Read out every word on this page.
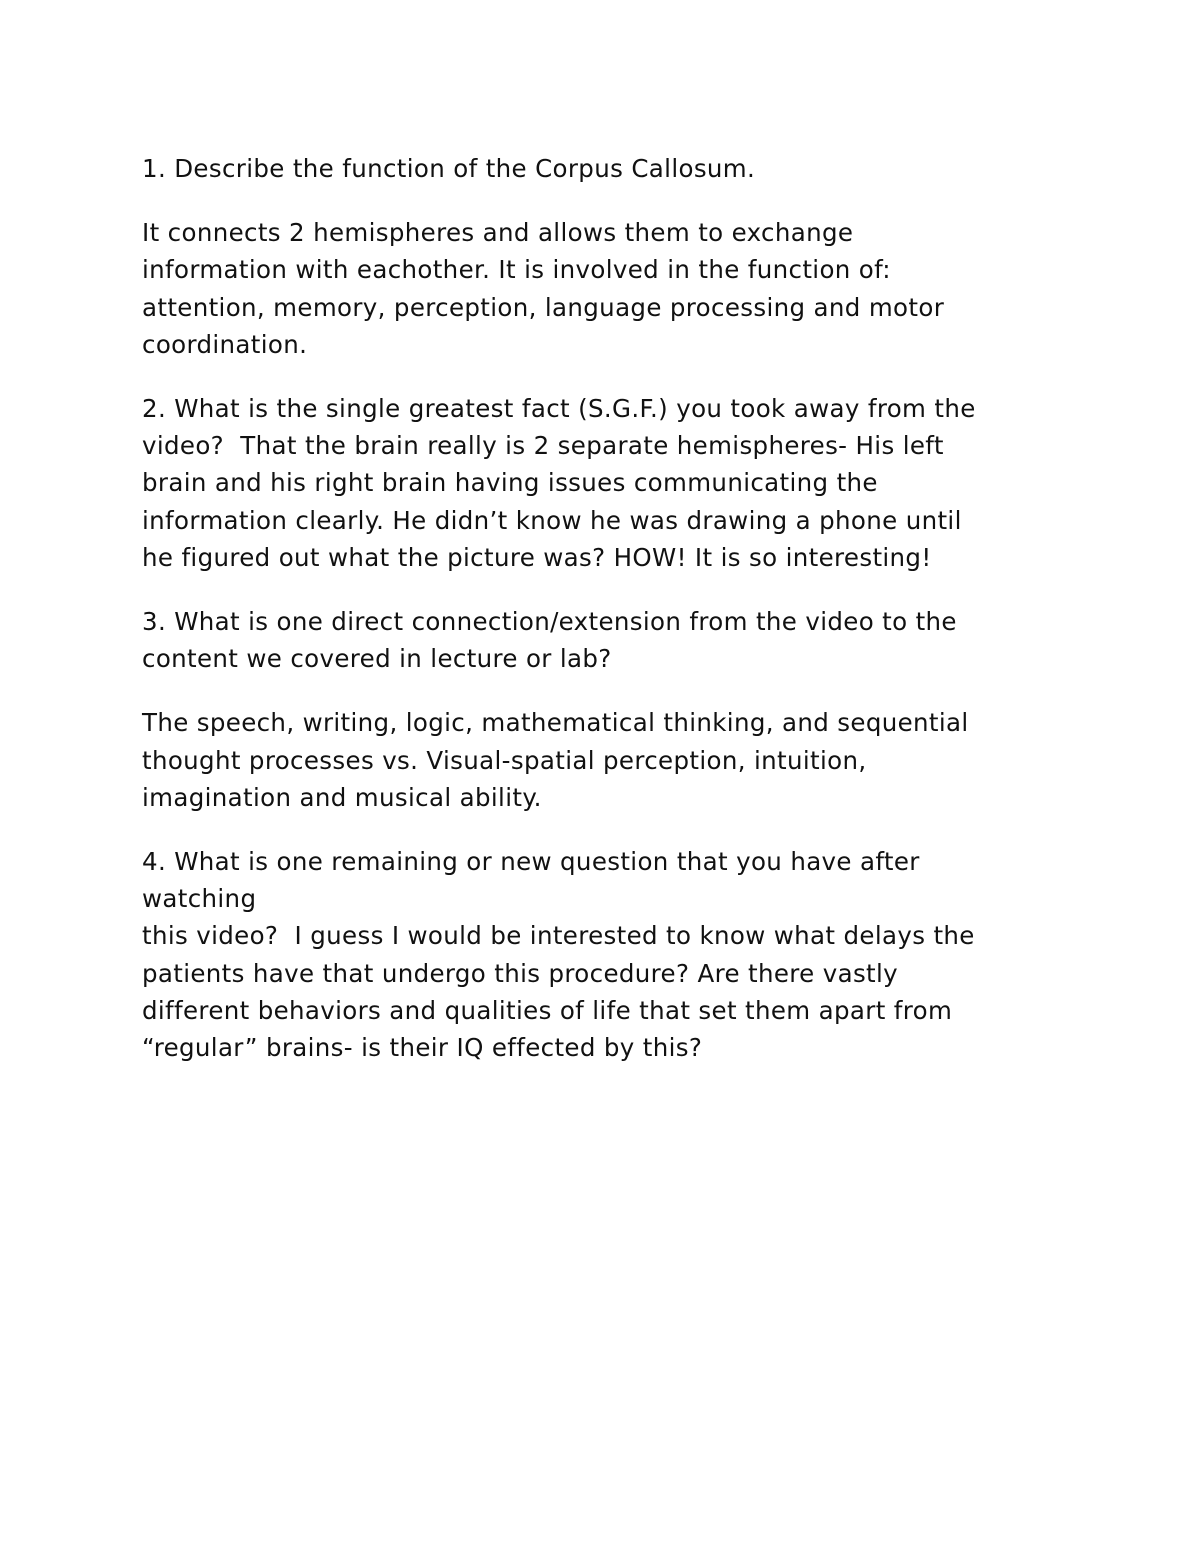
1. Describe the function of the Corpus Callosum.

It connects 2 hemispheres and allows them to exchange
information with eachother. It is involved in the function of:
attention, memory, perception, language processing and motor
coordination.

2. What is the single greatest fact (S.G.F.) you took away from the
video?  That the brain really is 2 separate hemispheres- His left
brain and his right brain having issues communicating the
information clearly. He didn’t know he was drawing a phone until
he figured out what the picture was? HOW! It is so interesting!

3. What is one direct connection/extension from the video to the
content we covered in lecture or lab?

The speech, writing, logic, mathematical thinking, and sequential
thought processes vs. Visual-spatial perception, intuition,
imagination and musical ability.

4. What is one remaining or new question that you have after
watching
this video?  I guess I would be interested to know what delays the
patients have that undergo this procedure? Are there vastly
different behaviors and qualities of life that set them apart from
“regular” brains- is their IQ effected by this?
